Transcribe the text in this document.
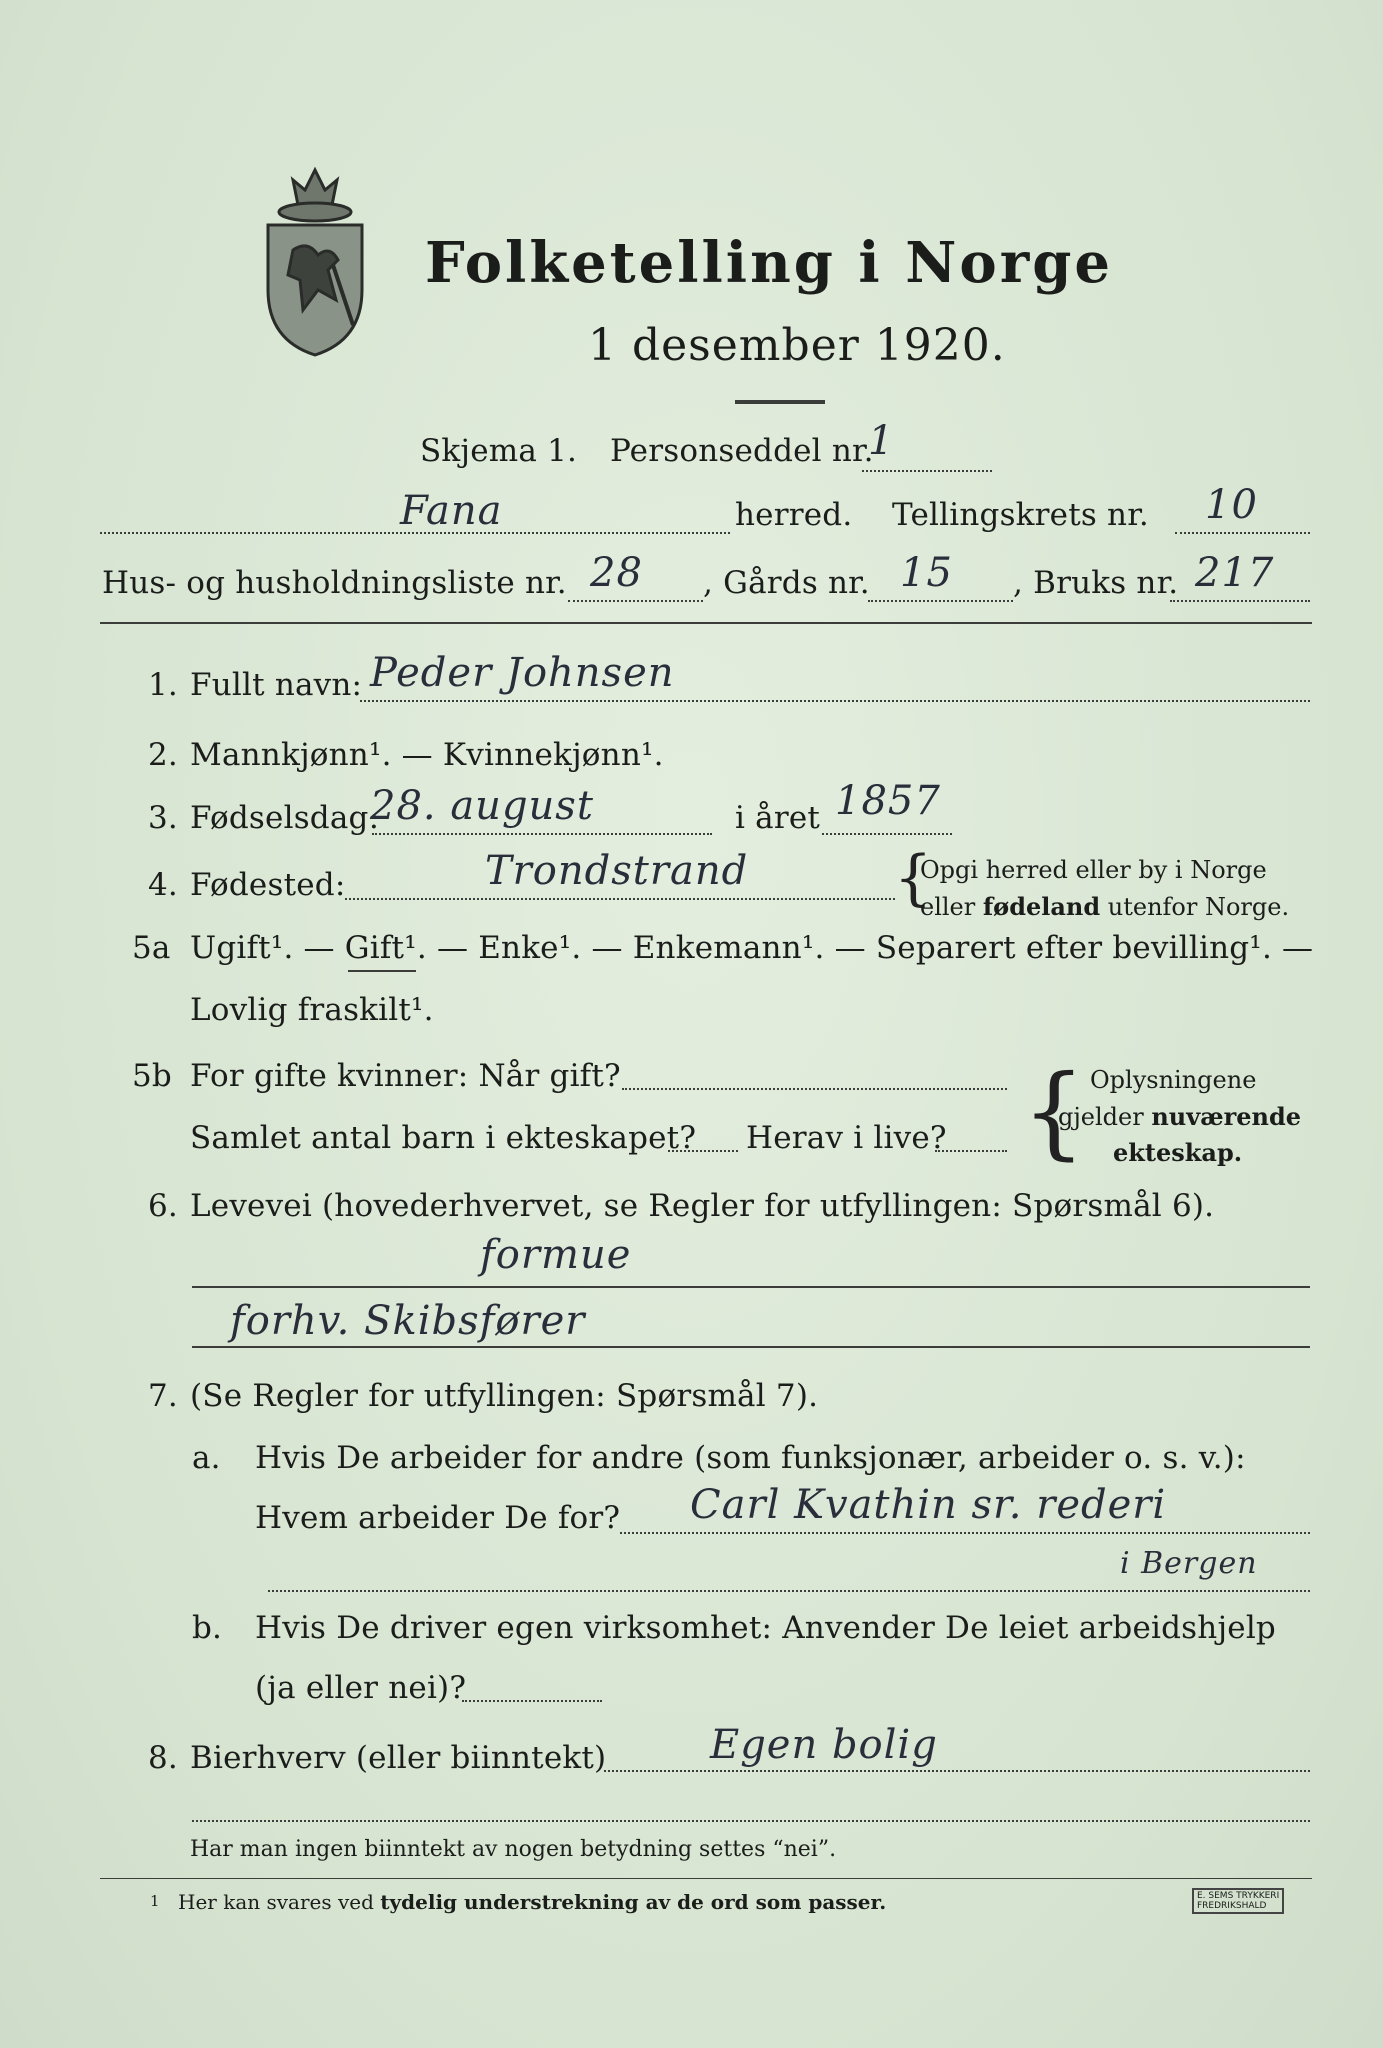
Folketelling i Norge
1 desember 1920.
Skjema 1. Personseddel nr.
1
Fana	herred. Tellingskrets nr. 10
Hus- og husholdningsliste nr. 28 , Gårds nr. 15 , Bruks nr. 217
1. Fullt navn: Peder Johnsen
2. Mannkjønn¹. — Kvinnekjønn¹.
3. Fødselsdag:
28. august	i året 1857
4. Fødested:	Trondstrand {
Opgi herred eller by i Norge
eller fødeland utenfor Norge.
5a Ugift¹. — Gift¹. — Enke¹. — Enkemann¹. — Separert efter bevilling¹. —
Lovlig fraskilt¹.
5b For gifte kvinner: Når gift?
Samlet antal barn i ekteskapet? Herav i live? { Oplysningene
gjelder nuværende
ekteskap.
6. Levevei (hovederhvervet, se Regler for utfyllingen: Spørsmål 6).
formue
forhv. Skibsfører
7. (Se Regler for utfyllingen: Spørsmål 7).
a. Hvis De arbeider for andre (som funksjonær, arbeider o. s. v.):
Hvem arbeider De for? Carl Kvathin sr. rederi
i Bergen
b. Hvis De driver egen virksomhet: Anvender De leiet arbeidshjelp
(ja eller nei)?
8. Bierhverv (eller biinntekt)	Egen bolig
Har man ingen biinntekt av nogen betydning settes “nei”.
1 Her kan svares ved tydelig understrekning av de ord som passer.	E. SEMS TRYKKERI
FREDRIKSHALD
